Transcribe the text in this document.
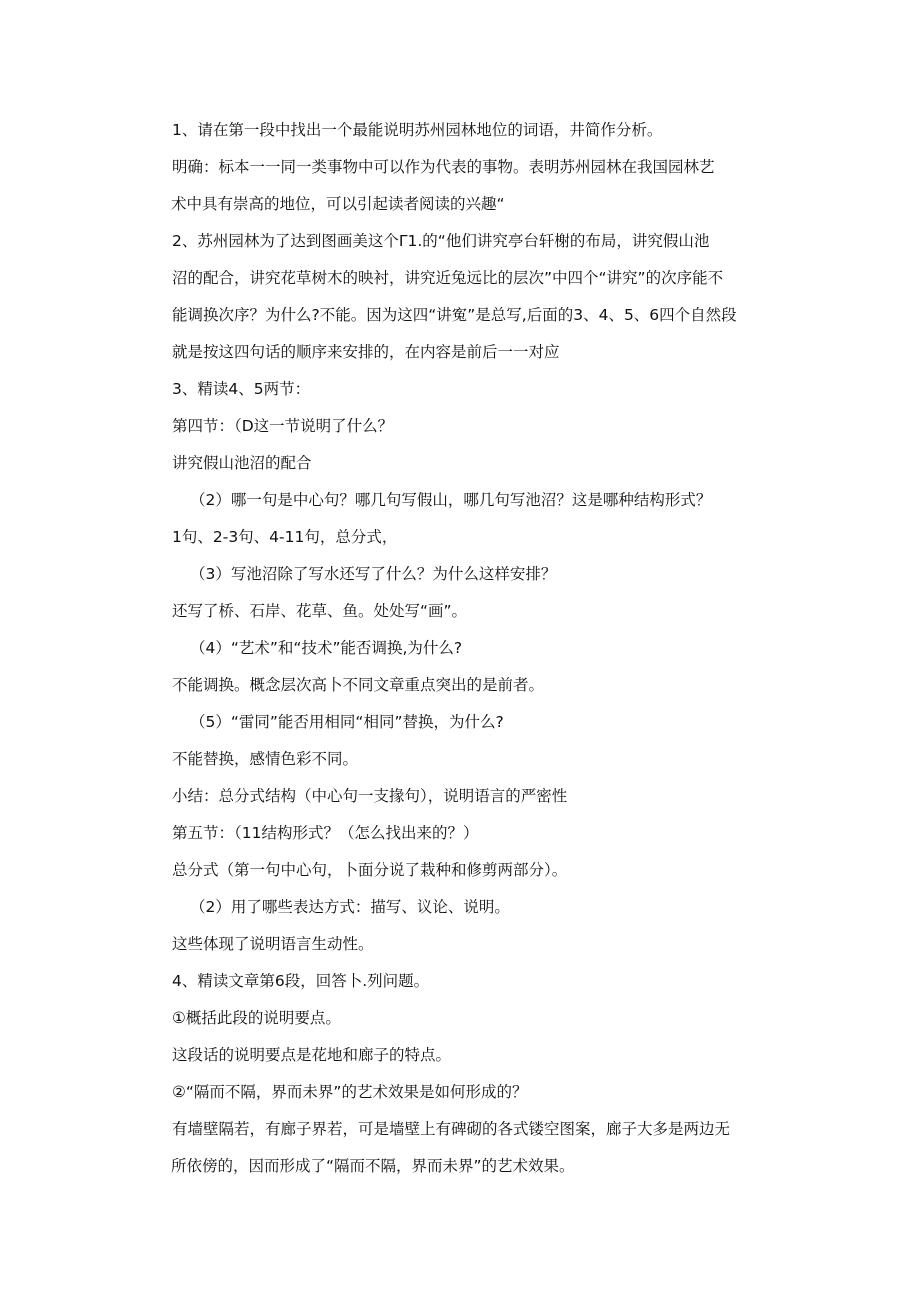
1、请在第一段中找出一个最能说明苏州园林地位的词语，井简作分析。

明确：标本一一同一类事物中可以作为代表的事物。表明苏州园林在我国园林艺

术中具有崇高的地位，可以引起读者阅读的兴趣“

2、苏州园林为了达到图画美这个Γ1.的“他们讲究亭台轩榭的布局，讲究假山池

沼的配合，讲究花草树木的映衬，讲究近兔远比的层次”中四个“讲究”的次序能不

能调换次序？为什么?不能。因为这四“讲寃”是总写,后面的3、4、5、6四个自然段

就是按这四句话的顺序来安排的，在内容是前后一一对应

3、精读4、5两节：

第四节：（D这一节说明了什么？

讲究假山池沼的配合

（2）哪一句是中心句？哪几句写假山，哪几句写池沼？这是哪种结构形式？

1句、2-3句、4-11句，总分式，

（3）写池沼除了写水还写了什么？为什么这样安排？

还写了桥、石岸、花草、鱼。处处写“画”。

（4）“艺术”和“技术”能否调换,为什么?

不能调换。概念层次高卜不同文章重点突出的是前者。

（5）“雷同”能否用相同“相同”替换，为什么?

不能替换，感情色彩不同。

小结：总分式结构（中心句一支掾句），说明语言的严密性

第五节：（11结构形式？（怎么找出来的？）

总分式（第一句中心句，卜面分说了栽种和修剪两部分）。

（2）用了哪些表达方式：描写、议论、说明。

这些体现了说明语言生动性。

4、精读文章第6段，回答卜.列问题。

①概括此段的说明要点。

这段话的说明要点是花地和廊子的特点。

②“隔而不隔，界而未界”的艺术效果是如何形成的？

有墙壁隔若，有廊子界若，可是墙壁上有碑砌的各式镂空图案，廊子大多是两边无

所依傍的，因而形成了“隔而不隔，界而未界”的艺术效果。
